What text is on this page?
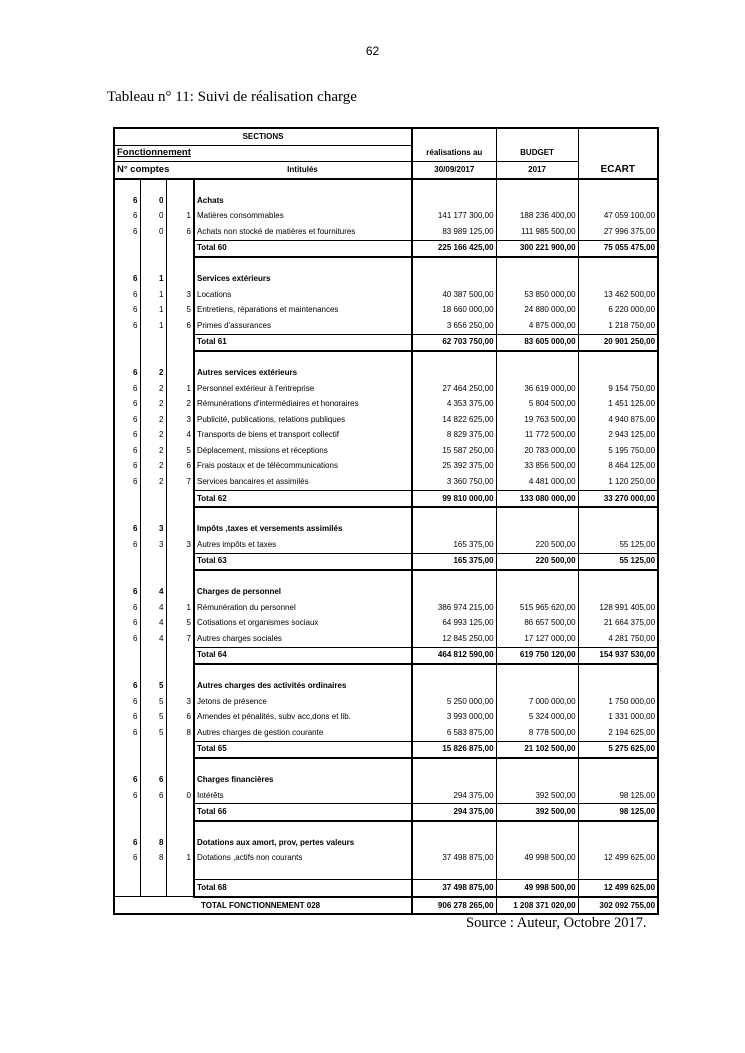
62
Tableau n° 11: Suivi de réalisation charge
SECTIONS						
Fonctionnement				réalisations au	BUDGET	
N° comptes			Intitulés	30/09/2017	2017	ECART

6	0		Achats			
6	0	1	Matières consommables	141 177 300,00	188 236 400,00	47 059 100,00
6	0	6	Achats non stocké de matières et fournitures	83 989 125,00	111 985 500,00	27 996 375,00
			Total 60	225 166 425,00	300 221 900,00	75 055 475,00

6	1		Services extérieurs			
6	1	3	Locations	40 387 500,00	53 850 000,00	13 462 500,00
6	1	5	Entretiens, réparations et maintenances	18 660 000,00	24 880 000,00	6 220 000,00
6	1	6	Primes d'assurances	3 656 250,00	4 875 000,00	1 218 750,00
			Total 61	62 703 750,00	83 605 000,00	20 901 250,00

6	2		Autres services extérieurs			
6	2	1	Personnel extérieur à l'entreprise	27 464 250,00	36 619 000,00	9 154 750,00
6	2	2	Rémunérations d'intermédiaires et honoraires	4 353 375,00	5 804 500,00	1 451 125,00
6	2	3	Publicité, publications, relations publiques	14 822 625,00	19 763 500,00	4 940 875,00
6	2	4	Transports de biens et transport collectif	8 829 375,00	11 772 500,00	2 943 125,00
6	2	5	Déplacement, missions et réceptions	15 587 250,00	20 783 000,00	5 195 750,00
6	2	6	Frais postaux et de télécommunications	25 392 375,00	33 856 500,00	8 464 125,00
6	2	7	Services bancaires et assimilés	3 360 750,00	4 481 000,00	1 120 250,00
			Total 62	99 810 000,00	133 080 000,00	33 270 000,00

6	3		Impôts ,taxes et versements assimilés			
6	3	3	Autres impôts et taxes	165 375,00	220 500,00	55 125,00
			Total 63	165 375,00	220 500,00	55 125,00

6	4		Charges de personnel			
6	4	1	Rémunération du personnel	386 974 215,00	515 965 620,00	128 991 405,00
6	4	5	Cotisations et organismes sociaux	64 993 125,00	86 657 500,00	21 664 375,00
6	4	7	Autres charges sociales	12 845 250,00	17 127 000,00	4 281 750,00
			Total 64	464 812 590,00	619 750 120,00	154 937 530,00

6	5		Autres charges des activités ordinaires			
6	5	3	Jetons de présence	5 250 000,00	7 000 000,00	1 750 000,00
6	5	6	Amendes et pénalités, subv acc,dons et lib.	3 993 000,00	5 324 000,00	1 331 000,00
6	5	8	Autres charges de gestion courante	6 583 875,00	8 778 500,00	2 194 625,00
			Total 65	15 826 875,00	21 102 500,00	5 275 625,00

6	6		Charges financières			
6	6	0	Intérêts	294 375,00	392 500,00	98 125,00
			Total 66	294 375,00	392 500,00	98 125,00

6	8		Dotations aux amort, prov, pertes valeurs			
6	8	1	Dotations ,actifs non courants	37 498 875,00	49 998 500,00	12 499 625,00

			Total 68	37 498 875,00	49 998 500,00	12 499 625,00
TOTAL FONCTIONNEMENT 028				906 278 265,00	1 208 371 020,00	302 092 755,00
Source : Auteur, Octobre 2017.
